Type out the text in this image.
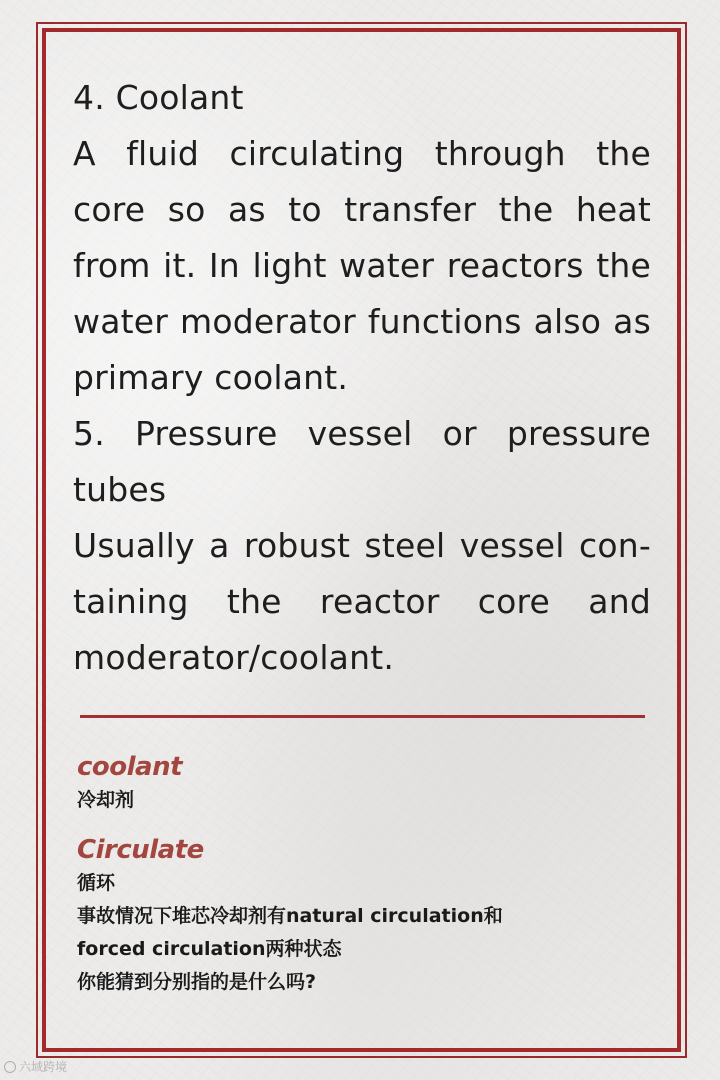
4. Coolant

A fluid circulating through the core so as to transfer the heat from it. In light water reactors the water moderator functions also as primary coolant.

5. Pressure vessel or pressure tubes

Usually a robust steel vessel con-taining the reactor core and moderator/coolant.

coolant
冷却剂
Circulate
循环
事故情况下堆芯冷却剂有natural circulation和
forced circulation两种状态
你能猜到分别指的是什么吗?
六域跨境
